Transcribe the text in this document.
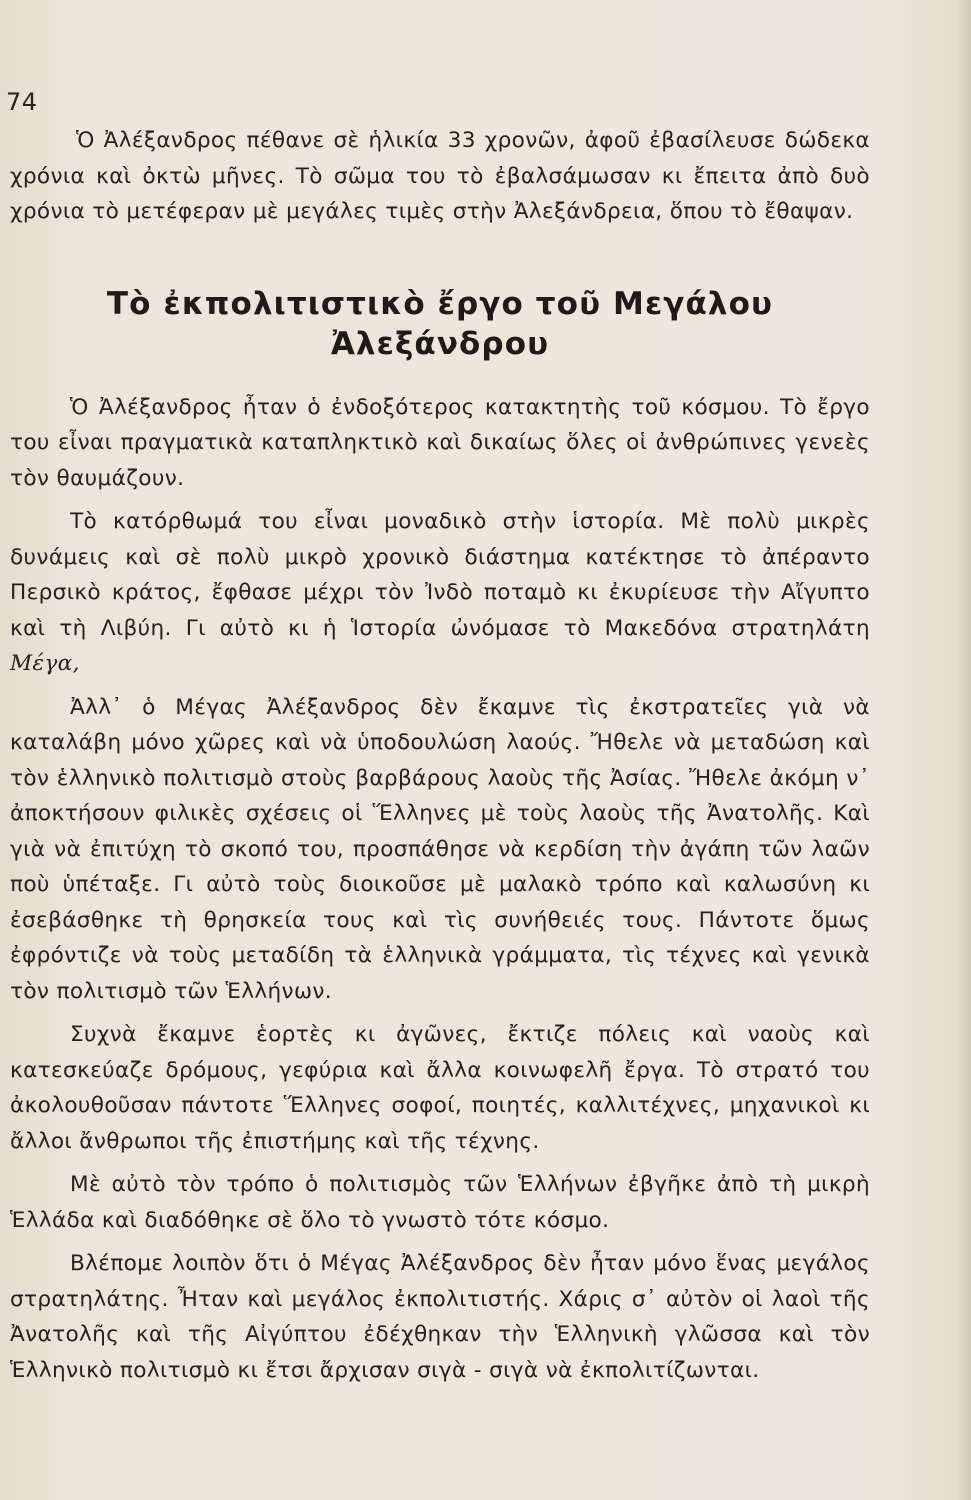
74

Ὁ Ἀλέξανδρος πέθανε σὲ ἡλικία 33 χρονῶν, ἀφοῦ ἐβασίλευσε δώδεκα χρόνια καὶ ὀκτὼ μῆνες. Τὸ σῶμα του τὸ ἐβαλσάμωσαν κι ἔπειτα ἀπὸ δυὸ χρόνια τὸ μετέφεραν μὲ μεγάλες τιμὲς στὴν Ἀλεξάνδρεια, ὅπου τὸ ἔθαψαν.

Τὸ ἐκπολιτιστικὸ ἔργο τοῦ Μεγάλου Ἀλεξάνδρου

Ὁ Ἀλέξανδρος ἦταν ὁ ἐνδοξότερος κατακτητὴς τοῦ κόσμου. Τὸ ἔργο του εἶναι πραγματικὰ καταπληκτικὸ καὶ δικαίως ὅλες οἱ ἀνθρώπινες γενεὲς τὸν θαυμάζουν.

Τὸ κατόρθωμά του εἶναι μοναδικὸ στὴν ἱστορία. Μὲ πολὺ μικρὲς δυνάμεις καὶ σὲ πολὺ μικρὸ χρονικὸ διάστημα κατέκτησε τὸ ἀπέραντο Περσικὸ κράτος, ἔφθασε μέχρι τὸν Ἰνδὸ ποταμὸ κι ἐκυρίευσε τὴν Αἴγυπτο καὶ τὴ Λιβύη. Γι αὐτὸ κι ἡ Ἱστορία ὠνόμασε τὸ Μακεδόνα στρατηλάτη Μέγα,

Ἀλλ᾽ ὁ Μέγας Ἀλέξανδρος δὲν ἔκαμνε τὶς ἐκστρατεῖες γιὰ νὰ καταλάβη μόνο χῶρες καὶ νὰ ὑποδουλώση λαούς. Ἤθελε νὰ μεταδώση καὶ τὸν ἑλληνικὸ πολιτισμὸ στοὺς βαρβάρους λαοὺς τῆς Ἀσίας. Ἤθελε ἀκόμη ν᾽ ἀποκτήσουν φιλικὲς σχέσεις οἱ Ἕλληνες μὲ τοὺς λαοὺς τῆς Ἀνατολῆς. Καὶ γιὰ νὰ ἐπιτύχη τὸ σκοπό του, προσπάθησε νὰ κερδίση τὴν ἀγάπη τῶν λαῶν ποὺ ὑπέταξε. Γι αὐτὸ τοὺς διοικοῦσε μὲ μαλακὸ τρόπο καὶ καλωσύνη κι ἐσεβάσθηκε τὴ θρησκεία τους καὶ τὶς συνήθειές τους. Πάντοτε ὅμως ἐφρόντιζε νὰ τοὺς μεταδίδη τὰ ἑλληνικὰ γράμματα, τὶς τέχνες καὶ γενικὰ τὸν πολιτισμὸ τῶν Ἑλλήνων.

Συχνὰ ἔκαμνε ἑορτὲς κι ἀγῶνες, ἔκτιζε πόλεις καὶ ναοὺς καὶ κατεσκεύαζε δρόμους, γεφύρια καὶ ἄλλα κοινωφελῆ ἔργα. Τὸ στρατό του ἀκολουθοῦσαν πάντοτε Ἕλληνες σοφοί, ποιητές, καλλιτέχνες, μηχανικοὶ κι ἄλλοι ἄνθρωποι τῆς ἐπιστήμης καὶ τῆς τέχνης.

Μὲ αὐτὸ τὸν τρόπο ὁ πολιτισμὸς τῶν Ἑλλήνων ἐβγῆκε ἀπὸ τὴ μικρὴ Ἑλλάδα καὶ διαδόθηκε σὲ ὅλο τὸ γνωστὸ τότε κόσμο.

Βλέπομε λοιπὸν ὅτι ὁ Μέγας Ἀλέξανδρος δὲν ἦταν μόνο ἕνας μεγάλος στρατηλάτης. Ἦταν καὶ μεγάλος ἐκπολιτιστής. Χάρις σ᾽ αὐτὸν οἱ λαοὶ τῆς Ἀνατολῆς καὶ τῆς Αἰγύπτου ἐδέχθηκαν τὴν Ἑλληνικὴ γλῶσσα καὶ τὸν Ἑλληνικὸ πολιτισμὸ κι ἔτσι ἄρχισαν σιγὰ - σιγὰ νὰ ἐκπολιτίζωνται.
